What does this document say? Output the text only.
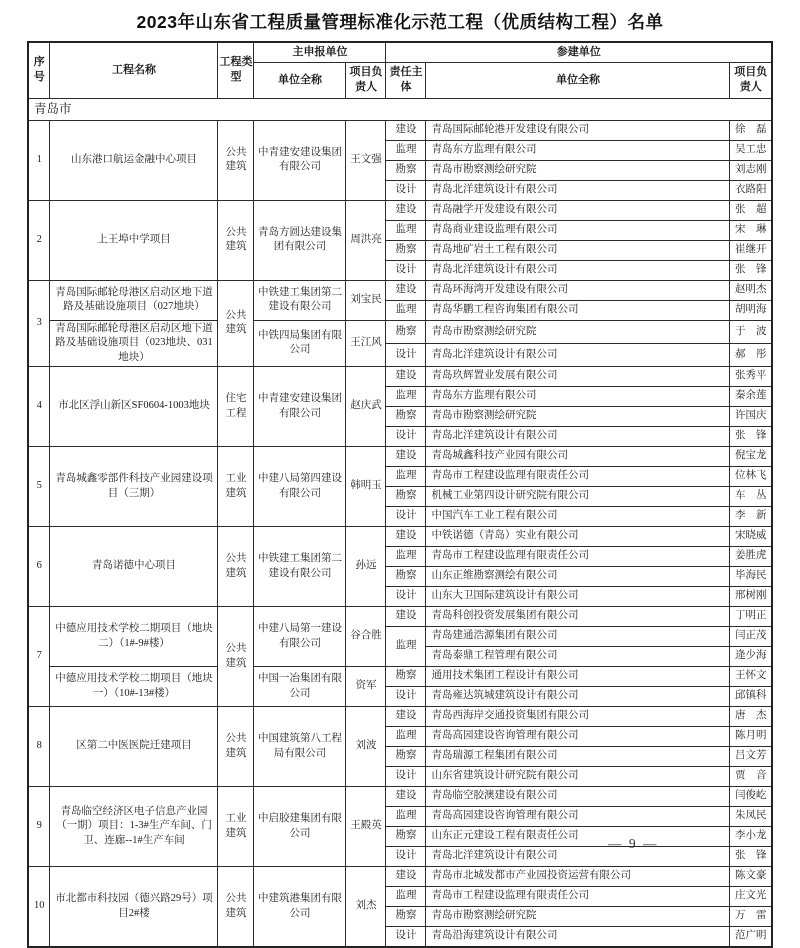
2023年山东省工程质量管理标准化示范工程（优质结构工程）名单
序号	工程名称	工程类型	主申报单位		参建单位		
			单位全称	项目负责人	责任主体	单位全称	项目负责人
青岛市							
1	山东港口航运金融中心项目	公共建筑	中青建安建设集团有限公司	王文强	建设	青岛国际邮轮港开发建设有限公司	徐　磊
					监理	青岛东方监理有限公司	吴工忠
					勘察	青岛市勘察测绘研究院	刘志刚
					设计	青岛北洋建筑设计有限公司	衣路阳
2	上王埠中学项目	公共建筑	青岛方圆达建设集团有限公司	周洪亮	建设	青岛融学开发建设有限公司	张　超
					监理	青岛商业建设监理有限公司	宋　琳
					勘察	青岛地矿岩土工程有限公司	崔继开
					设计	青岛北洋建筑设计有限公司	张　锋
3	青岛国际邮轮母港区启动区地下道路及基础设施项目（027地块）	公共建筑	中铁建工集团第二建设有限公司	刘宝民	建设	青岛环海湾开发建设有限公司	赵明杰
					监理	青岛华鹏工程咨询集团有限公司	胡明海
	青岛国际邮轮母港区启动区地下道路及基础设施项目（023地块、031地块）		中铁四局集团有限公司	王江风	勘察	青岛市勘察测绘研究院	于　波
					设计	青岛北洋建筑设计有限公司	郝　彤
4	市北区浮山新区SF0604-1003地块	住宅工程	中青建安建设集团有限公司	赵庆武	建设	青岛玖辉置业发展有限公司	张秀平
					监理	青岛东方监理有限公司	秦余莲
					勘察	青岛市勘察测绘研究院	许国庆
					设计	青岛北洋建筑设计有限公司	张　锋
5	青岛城鑫零部件科技产业园建设项目（三期）	工业建筑	中建八局第四建设有限公司	韩明玉	建设	青岛城鑫科技产业园有限公司	倪宝龙
					监理	青岛市工程建设监理有限责任公司	位林飞
					勘察	机械工业第四设计研究院有限公司	车　丛
					设计	中国汽车工业工程有限公司	李　新
6	青岛诺德中心项目	公共建筑	中铁建工集团第二建设有限公司	孙远	建设	中铁诺德（青岛）实业有限公司	宋晓威
					监理	青岛市工程建设监理有限责任公司	姜胜虎
					勘察	山东正维勘察测绘有限公司	毕海民
					设计	山东大卫国际建筑设计有限公司	邢树刚
7	中德应用技术学校二期项目（地块二）（1#-9#楼）	公共建筑	中建八局第一建设有限公司	谷合胜	建设	青岛科创投资发展集团有限公司	丁明正
					监理	青岛建通浩源集团有限公司	闫正茂
						青岛泰鼎工程管理有限公司	逄少海
	中德应用技术学校二期项目（地块一）（10#-13#楼）		中国一冶集团有限公司	资军	勘察	通用技术集团工程设计有限公司	王怀文
					设计	青岛雍达筑城建筑设计有限公司	邱镇科
8	区第二中医医院迁建项目	公共建筑	中国建筑第八工程局有限公司	刘波	建设	青岛西海岸交通投资集团有限公司	唐　杰
					监理	青岛高园建设咨询管理有限公司	陈月明
					勘察	青岛瑞源工程集团有限公司	吕文芳
					设计	山东省建筑设计研究院有限公司	贾　音
9	青岛临空经济区电子信息产业园（一期）项目：1-3#生产车间、门卫、连廊--1#生产车间	工业建筑	中启胶建集团有限公司	王殿英	建设	青岛临空胶澳建设有限公司	闫俊屹
					监理	青岛高园建设咨询管理有限公司	朱凤民
					勘察	山东正元建设工程有限责任公司	李小龙
					设计	青岛北洋建筑设计有限公司	张　锋
10	市北都市科技园（德兴路29号）项目2#楼	公共建筑	中建筑港集团有限公司	刘杰	建设	青岛市北城发都市产业园投资运营有限公司	陈文豪
					监理	青岛市工程建设监理有限责任公司	庄文光
					勘察	青岛市勘察测绘研究院	万　雷
					设计	青岛沿海建筑设计有限公司	范广明
— 9 —
